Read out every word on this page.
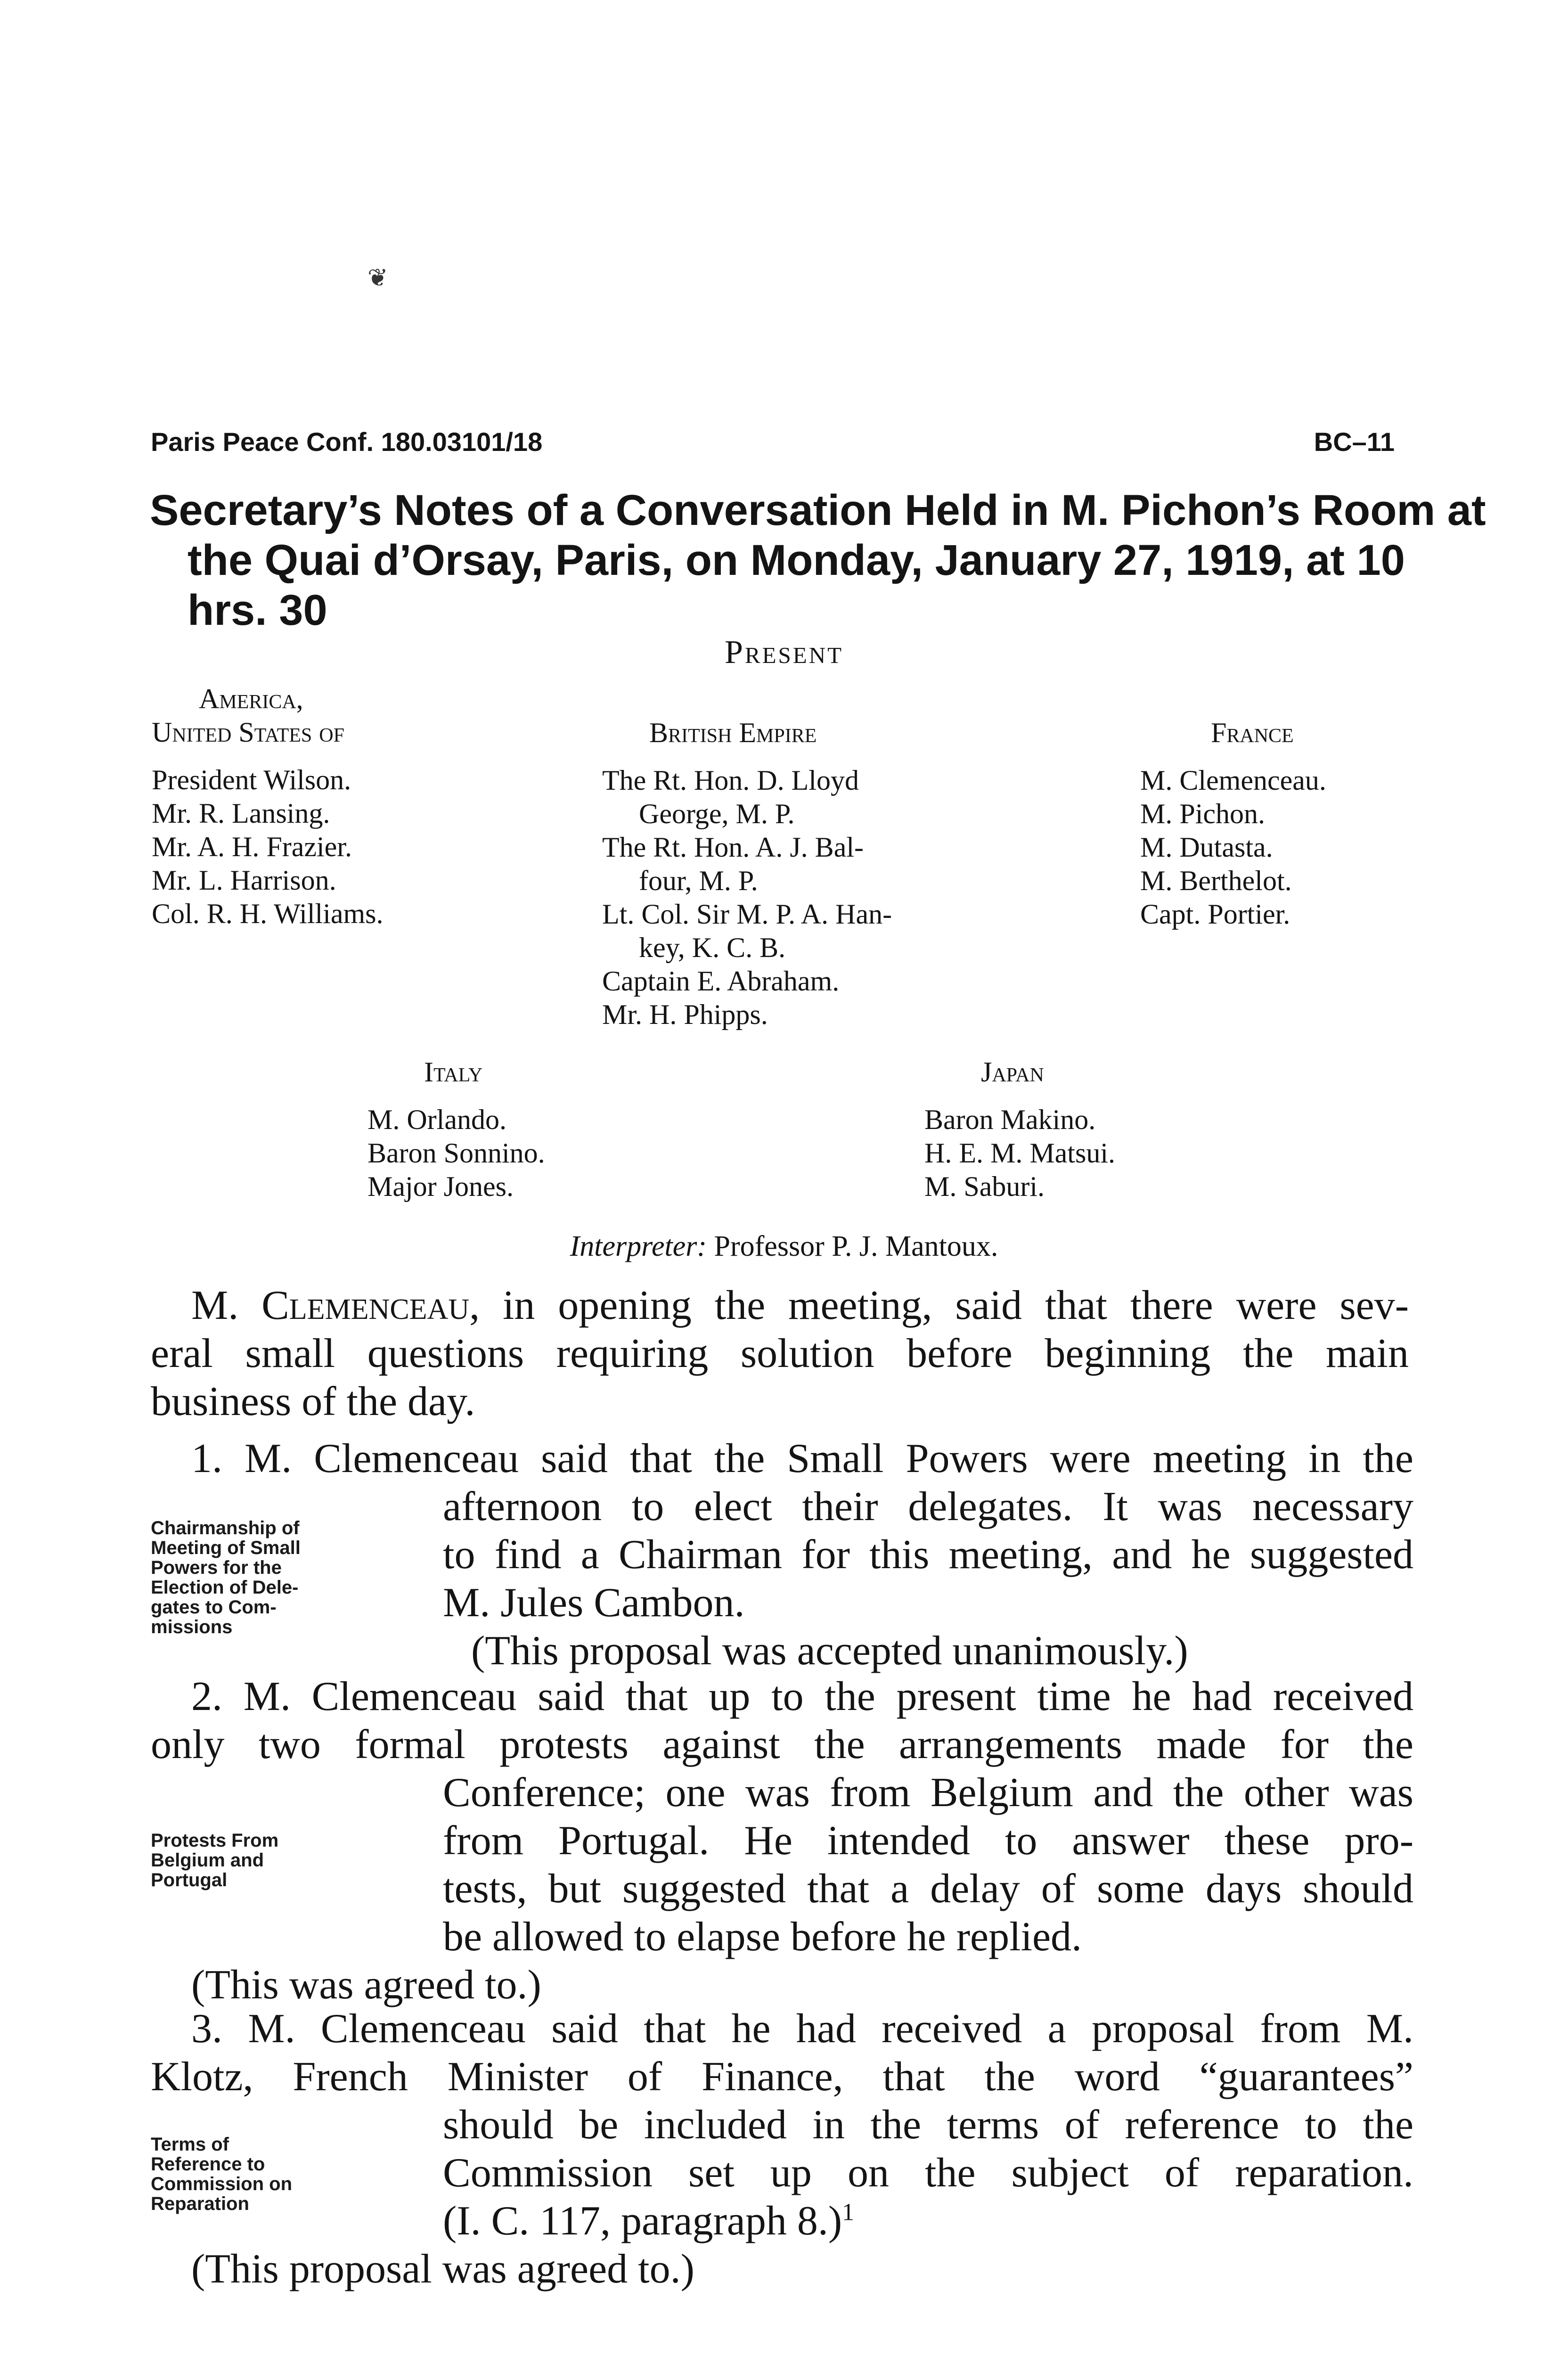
❦
Paris Peace Conf. 180.03101/18	BC–11
Secretary’s Notes of a Conversation Held in M. Pichon’s Room at
the Quai d’Orsay, Paris, on Monday, January 27, 1919, at 10
hrs. 30
Present
America,
United States of
President Wilson.
Mr. R. Lansing.
Mr. A. H. Frazier.
Mr. L. Harrison.
Col. R. H. Williams.
British Empire
The Rt. Hon. D. Lloyd
George, M. P.
The Rt. Hon. A. J. Bal-
four, M. P.
Lt. Col. Sir M. P. A. Han-
key, K. C. B.
Captain E. Abraham.
Mr. H. Phipps.
France
M. Clemenceau.
M. Pichon.
M. Dutasta.
M. Berthelot.
Capt. Portier.
Italy
M. Orlando.
Baron Sonnino.
Major Jones.
Japan
Baron Makino.
H. E. M. Matsui.
M. Saburi.
Interpreter: Professor P. J. Mantoux.
M. Clemenceau, in opening the meeting, said that there were sev-
eral small questions requiring solution before beginning the main
business of the day.
1. M. Clemenceau said that the Small Powers were meeting in the
afternoon to elect their delegates. It was necessary
to find a Chairman for this meeting, and he suggested
M. Jules Cambon.
(This proposal was accepted unanimously.)
Chairmanship of
Meeting of Small
Powers for the
Election of Dele-
gates to Com-
missions
2. M. Clemenceau said that up to the present time he had received
only two formal protests against the arrangements made for the
Conference; one was from Belgium and the other was
from Portugal. He intended to answer these pro-
tests, but suggested that a delay of some days should
be allowed to elapse before he replied.
(This was agreed to.)
Protests From
Belgium and
Portugal
3. M. Clemenceau said that he had received a proposal from M.
Klotz, French Minister of Finance, that the word “guarantees”
should be included in the terms of reference to the
Commission set up on the subject of reparation.
(I. C. 117, paragraph 8.)$^1$
(This proposal was agreed to.)
Terms of
Reference to
Commission on
Reparation
